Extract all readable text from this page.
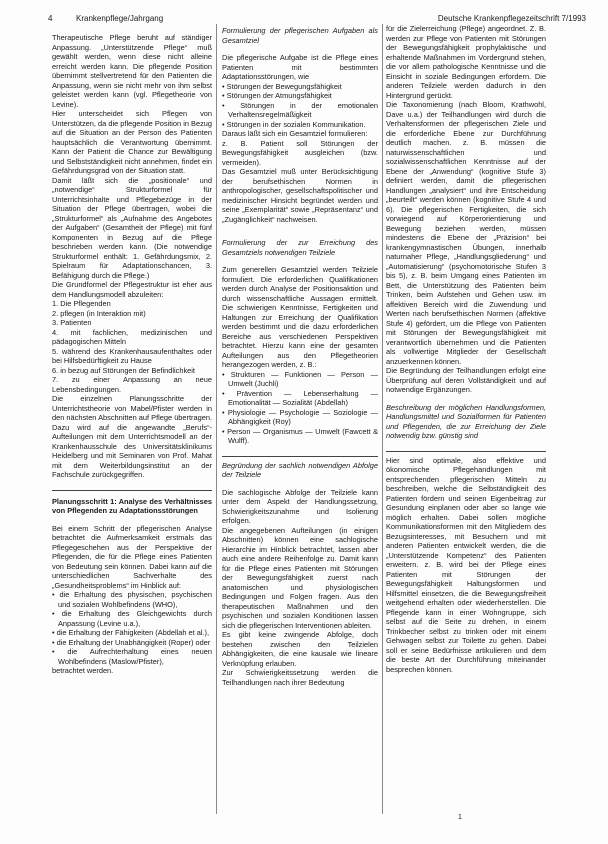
4	Krankenpflege/Jahrgang	Deutsche Krankenpflegezeitschrift 7/1993

Therapeutische Pflege beruht auf ständiger Anpassung. „Unterstützende Pflege“ muß gewählt werden, wenn diese nicht alleine erreicht werden kann. Die pflegende Position übernimmt stellvertretend für den Patienten die Anpassung, wenn sie nicht mehr von ihm selbst geleistet werden kann (vgl. Pflegetheorie von Levine).

Hier unterscheidet sich Pflegen von Unterstützen, da die pflegende Position in Bezug auf die Situation an der Person des Patienten hauptsächlich die Verantwortung übernimmt. Kann der Patient die Chance zur Bewältigung und Selbstständigkeit nicht annehmen, findet ein Gefährdungsgrad von der Situation statt.

Damit läßt sich die „positionale“ und „notwendige“ Strukturformel für Unterrichtsinhalte und Pflegebezüge in der Situation der Pflege übertragen, wobei die „Strukturformel“ als „Aufnahme des Angebotes der Aufgaben“ (Gesamtheit der Pflege) mit fünf Komponenten in Bezug auf die Pflege beschrieben werden kann. (Die notwendige Strukturformel enthält: 1. Gefährdungsmix, 2. Spielraum für Adaptationschancen, 3. Befähigung durch die Pflege.)

Die Grundformel der Pflegestruktur ist eher aus dem Handlungsmodell abzuleiten:

1. Die Pflegenden

2. pflegen (in Interaktion mit)

3. Patienten

4. mit fachlichen, medizinischen und pädagogischen Mitteln

5. während des Krankenhausaufenthaltes oder bei Hilfsbedürftigkeit zu Hause

6. in bezug auf Störungen der Befindlichkeit

7. zu einer Anpassung an neue Lebensbedingungen.

Die einzelnen Planungsschritte der Unterrichtstheorie von Mabel/Pfister werden in den nächsten Abschnitten auf Pflege übertragen. Dazu wird auf die angewandte „Berufs“-Aufteilungen mit dem Unterrichtsmodell an der Krankenhausschule des Universitätsklinikums Heidelberg und mit Seminaren von Prof. Mahat mit dem Weiterbildungsinstitut an der Fachschule zurückgegriffen.

Planungsschritt 1: Analyse des Verhältnisses von Pflegenden zu Adaptationsstörungen

Bei einem Schritt der pflegerischen Analyse betrachtet die Aufmerksamkeit erstmals das Pflegegeschehen aus der Perspektive der Pflegenden, die für die Pflege eines Patienten von Bedeutung sein können. Dabei kann auf die unterschiedlichen Sachverhalte des „Gesundheitsproblems“ im Hinblick auf:

• die Erhaltung des physischen, psychischen und sozialen Wohlbefindens (WHO),

• die Erhaltung des Gleichgewichts durch Anpassung (Levine u.a.),

• die Erhaltung der Fähigkeiten (Abdellah et al.),

• die Erhaltung der Unabhängigkeit (Roper) oder

• die Aufrechterhaltung eines neuen Wohlbefindens (Maslow/Pfister),

betrachtet werden.

Formulierung der pflegerischen Aufgaben als Gesamtziel

Die pflegerische Aufgabe ist die Pflege eines Patienten mit bestimmten Adaptationsstörungen, wie

• Störungen der Bewegungsfähigkeit

• Störungen der Atmungsfähigkeit

• Störungen in der emotionalen Verhaltensregelmäßigkeit

• Störungen in der sozialen Kommunikation.

Daraus läßt sich ein Gesamtziel formulieren:

z. B. Patient soll Störungen der Bewegungsfähigkeit ausgleichen (bzw. vermeiden).

Das Gesamtziel muß unter Berücksichtigung der berufsethischen Normen in anthropologischer, gesellschaftspolitischer und medizinischer Hinsicht begründet werden und seine „Exemplarität“ sowie „Repräsentanz“ und „Zugänglichkeit“ nachweisen.

Formulierung der zur Erreichung des Gesamtziels notwendigen Teilziele

Zum generellen Gesamtziel werden Teilziele formuliert. Die erforderlichen Qualifikationen werden durch Analyse der Positionsaktion und durch wissenschaftliche Aussagen ermittelt. Die schwierigen Kenntnisse, Fertigkeiten und Haltungen zur Erreichung der Qualifikation werden bestimmt und die dazu erforderlichen Bereiche aus verschiedenen Perspektiven betrachtet. Hierzu kann eine der gesamten Aufteilungen aus den Pflegetheorien herangezogen werden, z. B.:

• Strukturen — Funktionen — Person — Umwelt (Juchli)

• Prävention — Lebenserhaltung — Emotionalität — Sozialität (Abdellah)

• Physiologie — Psychologie — Soziologie — Abhängigkeit (Roy)

• Person — Organismus — Umwelt (Fawcett & Wulff).

Begründung der sachlich notwendigen Abfolge der Teilziele

Die sachlogische Abfolge der Teilziele kann unter dem Aspekt der Handlungssetzung, Schwierigkeitszunahme und Isolierung erfolgen.

Die angegebenen Aufteilungen (in einigen Abschnitten) können eine sachlogische Hierarchie im Hinblick betrachtet, lassen aber auch eine andere Reihenfolge zu. Damit kann für die Pflege eines Patienten mit Störungen der Bewegungsfähigkeit zuerst nach anatomischen und physiologischen Bedingungen und Folgen fragen. Aus den therapeutischen Maßnahmen und den psychischen und sozialen Konditionen lassen sich die pflegerischen Interventionen ableiten.

Es gibt keine zwingende Abfolge, doch bestehen zwischen den Teilzielen Abhängigkeiten, die eine kausale wie lineare Verknüpfung erlauben.

Zur Schwierigkeitssetzung werden die Teilhandlungen nach ihrer Bedeutung

für die Zielerreichung (Pflege) angeordnet. Z. B. werden zur Pflege von Patienten mit Störungen der Bewegungsfähigkeit prophylaktische und erhaltende Maßnahmen im Vordergrund stehen, die vor allem pathologische Kenntnisse und die Einsicht in soziale Bedingungen erfordern. Die anderen Teilziele werden dadurch in den Hintergrund gerückt.

Die Taxonomierung (nach Bloom, Krathwohl, Dave u.a.) der Teilhandlungen wird durch die Verhaltensformen der pflegerischen Ziele und die erforderliche Ebene zur Durchführung deutlich machen. z. B. müssen die naturwissenschaftlichen und sozialwissenschaftlichen Kenntnisse auf der Ebene der „Anwendung“ (kognitive Stufe 3) definiert werden, damit die pflegerischen Handlungen „analysiert“ und ihre Entscheidung „beurteilt“ werden können (kognitive Stufe 4 und 6). Die pflegerischen Fertigkeiten, die sich vorwiegend auf Körperorientierung und Bewegung beziehen werden, müssen mindestens die Ebene der „Präzision“ bei krankengymnastischen Übungen, innerhalb naturnaher Pflege, „Handlungsgliederung“ und „Automatisierung“ (psychomotorische Stufen 3 bis 5), z. B. beim Umgang eines Patienten im Bett, die Unterstützung des Patienten beim Trinken, beim Aufstehen und Gehen usw. im affektiven Bereich wird die Zuwendung und Werten nach berufsethischen Normen (affektive Stufe 4) gefördert, um die Pflege von Patienten mit Störungen der Bewegungsfähigkeit mit verantwortlich übernehmen und die Patienten als vollwertige Mitglieder der Gesellschaft anzuerkennen können.

Die Begründung der Teilhandlungen erfolgt eine Überprüfung auf deren Vollständigkeit und auf notwendige Ergänzungen.

Beschreibung der möglichen Handlungsformen, Handlungsmittel und Sozialformen für Patienten und Pflegenden, die zur Erreichung der Ziele notwendig bzw. günstig sind

Hier sind optimale, also effektive und ökonomische Pflegehandlungen mit entsprechenden pflegerischen Mitteln zu beschreiben, welche die Selbständigkeit des Patienten fördern und seinen Eigenbeitrag zur Gesundung einplanen oder aber so lange wie möglich erhalten. Dabei sollen mögliche Kommunikationsformen mit den Mitgliedern des Bezugsinteresses, mit Besuchern und mit anderen Patienten entwickelt werden, die die „Unterstützende Kompetenz“ des Patienten erweitern. z. B. wird bei der Pflege eines Patienten mit Störungen der Bewegungsfähigkeit Haltungsformen und Hilfsmittel einsetzen, die die Bewegungsfreiheit weitgehend erhalten oder wiederherstellen. Die Pflegende kann in einer Wohngruppe, sich selbst auf die Seite zu drehen, in einem Trinkbecher selbst zu trinken oder mit einem Gehwagen selbst zur Toilette zu gehen. Dabei soll er seine Bedürfnisse artikulieren und dem die beste Art der Durchführung miteinander besprechen können.

1
